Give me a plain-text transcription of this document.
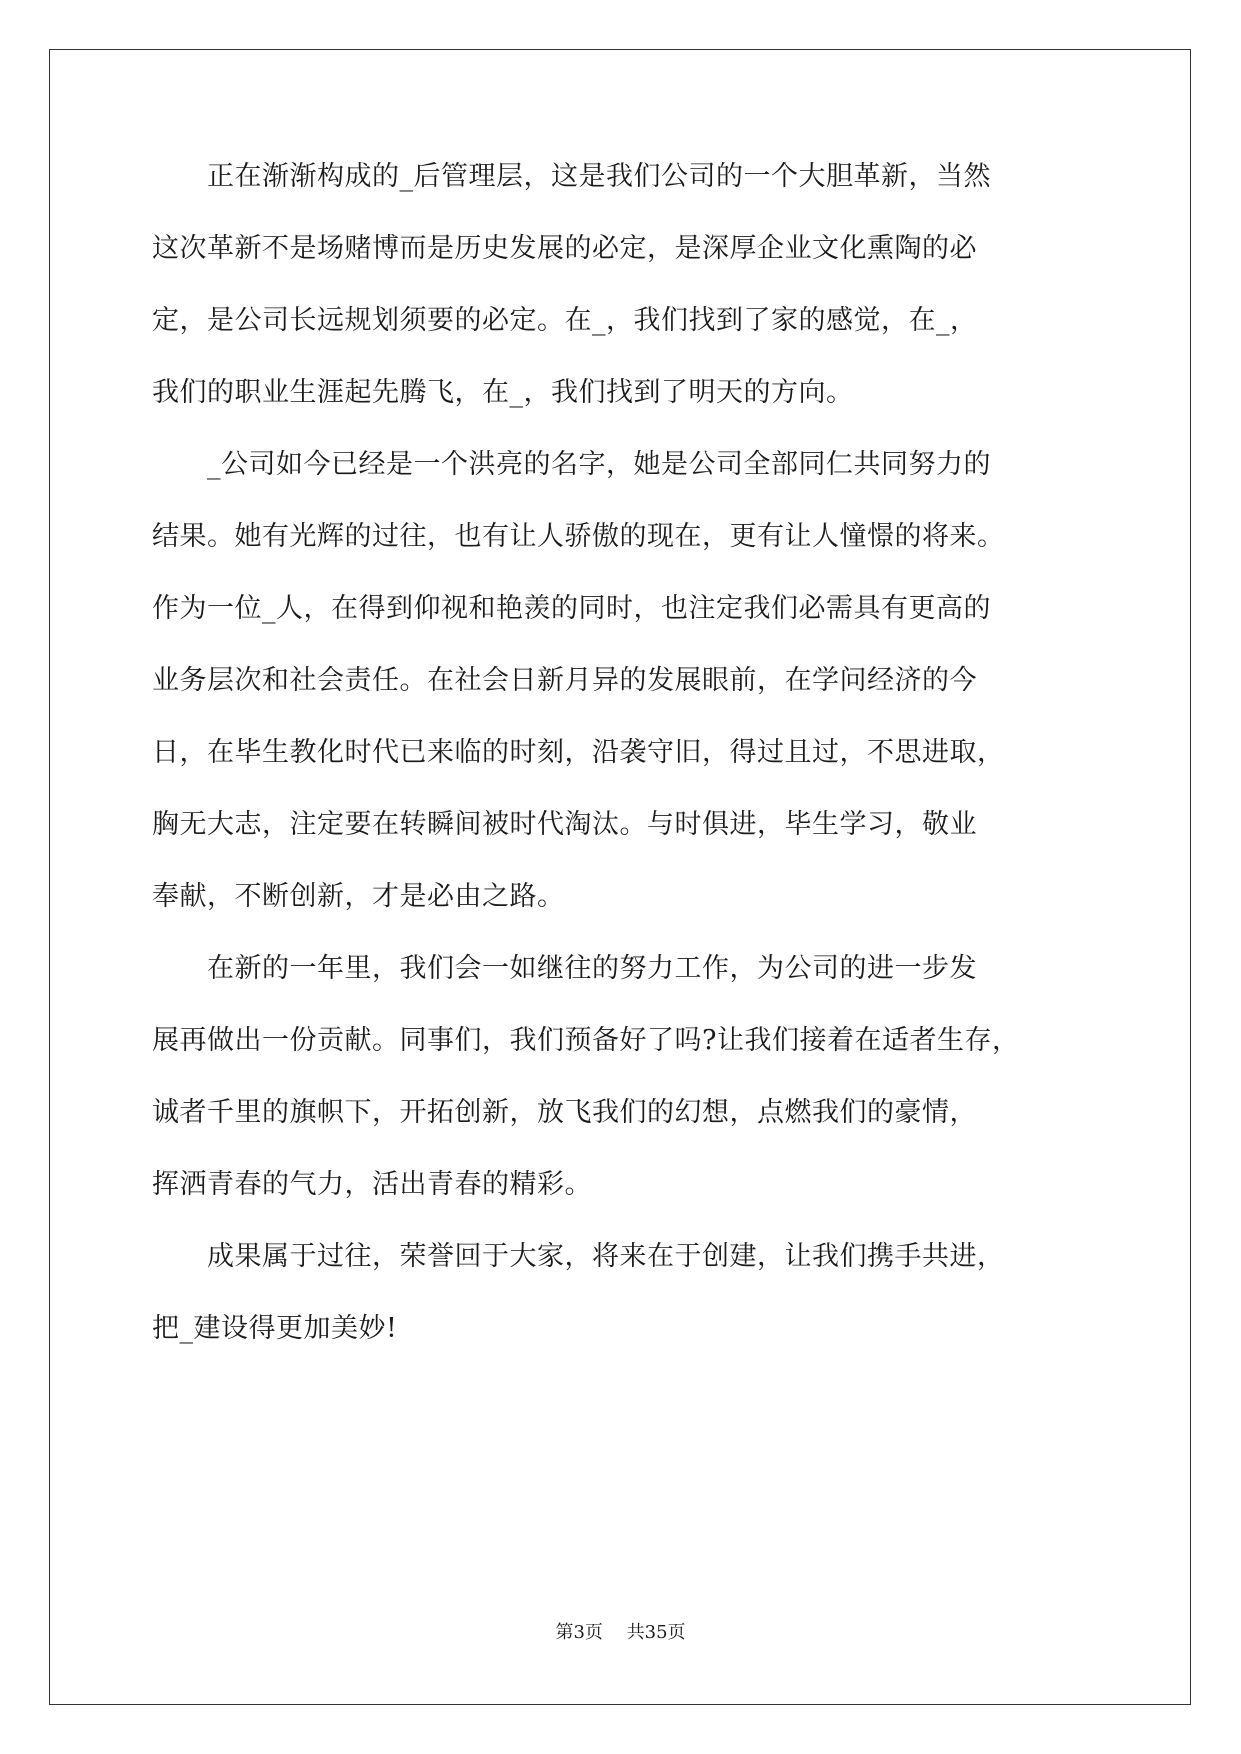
　　正在渐渐构成的_后管理层，这是我们公司的一个大胆革新，当然
这次革新不是场赌博而是历史发展的必定，是深厚企业文化熏陶的必
定，是公司长远规划须要的必定。在_，我们找到了家的感觉，在_，
我们的职业生涯起先腾飞，在_，我们找到了明天的方向。
　　_公司如今已经是一个洪亮的名字，她是公司全部同仁共同努力的
结果。她有光辉的过往，也有让人骄傲的现在，更有让人憧憬的将来。
作为一位_人，在得到仰视和艳羡的同时，也注定我们必需具有更高的
业务层次和社会责任。在社会日新月异的发展眼前，在学问经济的今
日，在毕生教化时代已来临的时刻，沿袭守旧，得过且过，不思进取，
胸无大志，注定要在转瞬间被时代淘汰。与时俱进，毕生学习，敬业
奉献，不断创新，才是必由之路。
　　在新的一年里，我们会一如继往的努力工作，为公司的进一步发
展再做出一份贡献。同事们，我们预备好了吗?让我们接着在适者生存，
诚者千里的旗帜下，开拓创新，放飞我们的幻想，点燃我们的豪情，
挥洒青春的气力，活出青春的精彩。
　　成果属于过往，荣誉回于大家，将来在于创建，让我们携手共进，
把_建设得更加美妙!
第3页　 共35页
